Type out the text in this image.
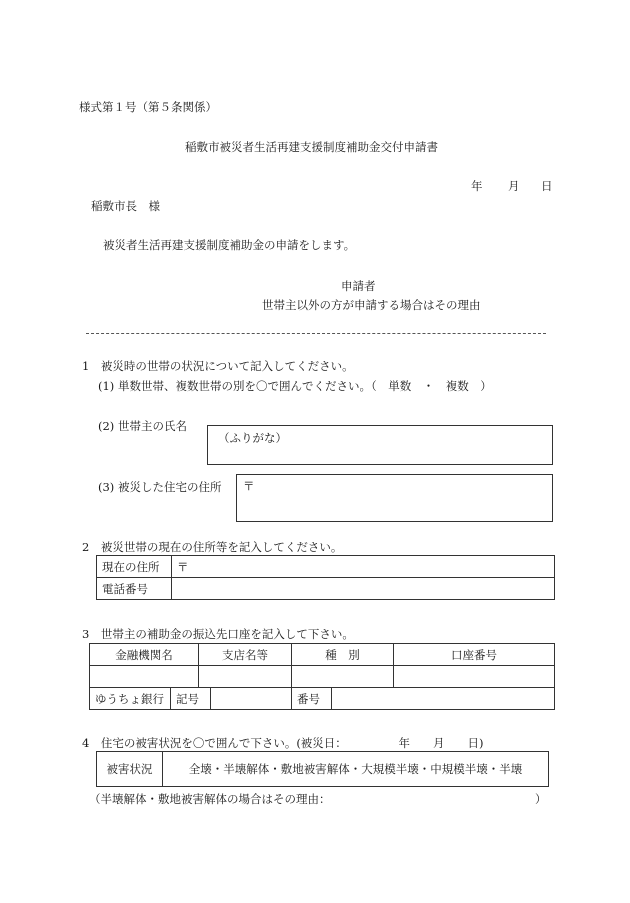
様式第１号（第５条関係）
稲敷市被災者生活再建支援制度補助金交付申請書
年 月 日
稲敷市長　様
被災者生活再建支援制度補助金の申請をします。
申請者
世帯主以外の方が申請する場合はその理由
1　被災時の世帯の状況について記入してください。
(1) 単数世帯、複数世帯の別を〇で囲んでください。（　単数　・　複数　）
(2) 世帯主の氏名
（ふりがな）
(3) 被災した住宅の住所 〒
2　被災世帯の現在の住所等を記入してください。
現在の住所	〒
電話番号	
3　世帯主の補助金の振込先口座を記入して下さい。
金融機関名	支店名等	種　別	口座番号

ゆうちょ銀行	記号		番号	
4　住宅の被害状況を〇で囲んで下さい。(被災日：　　　　　年　　月　　日)
被害状況	全壊・半壊解体・敷地被害解体・大規模半壊・中規模半壊・半壊
（半壊解体・敷地被害解体の場合はその理由：	）
